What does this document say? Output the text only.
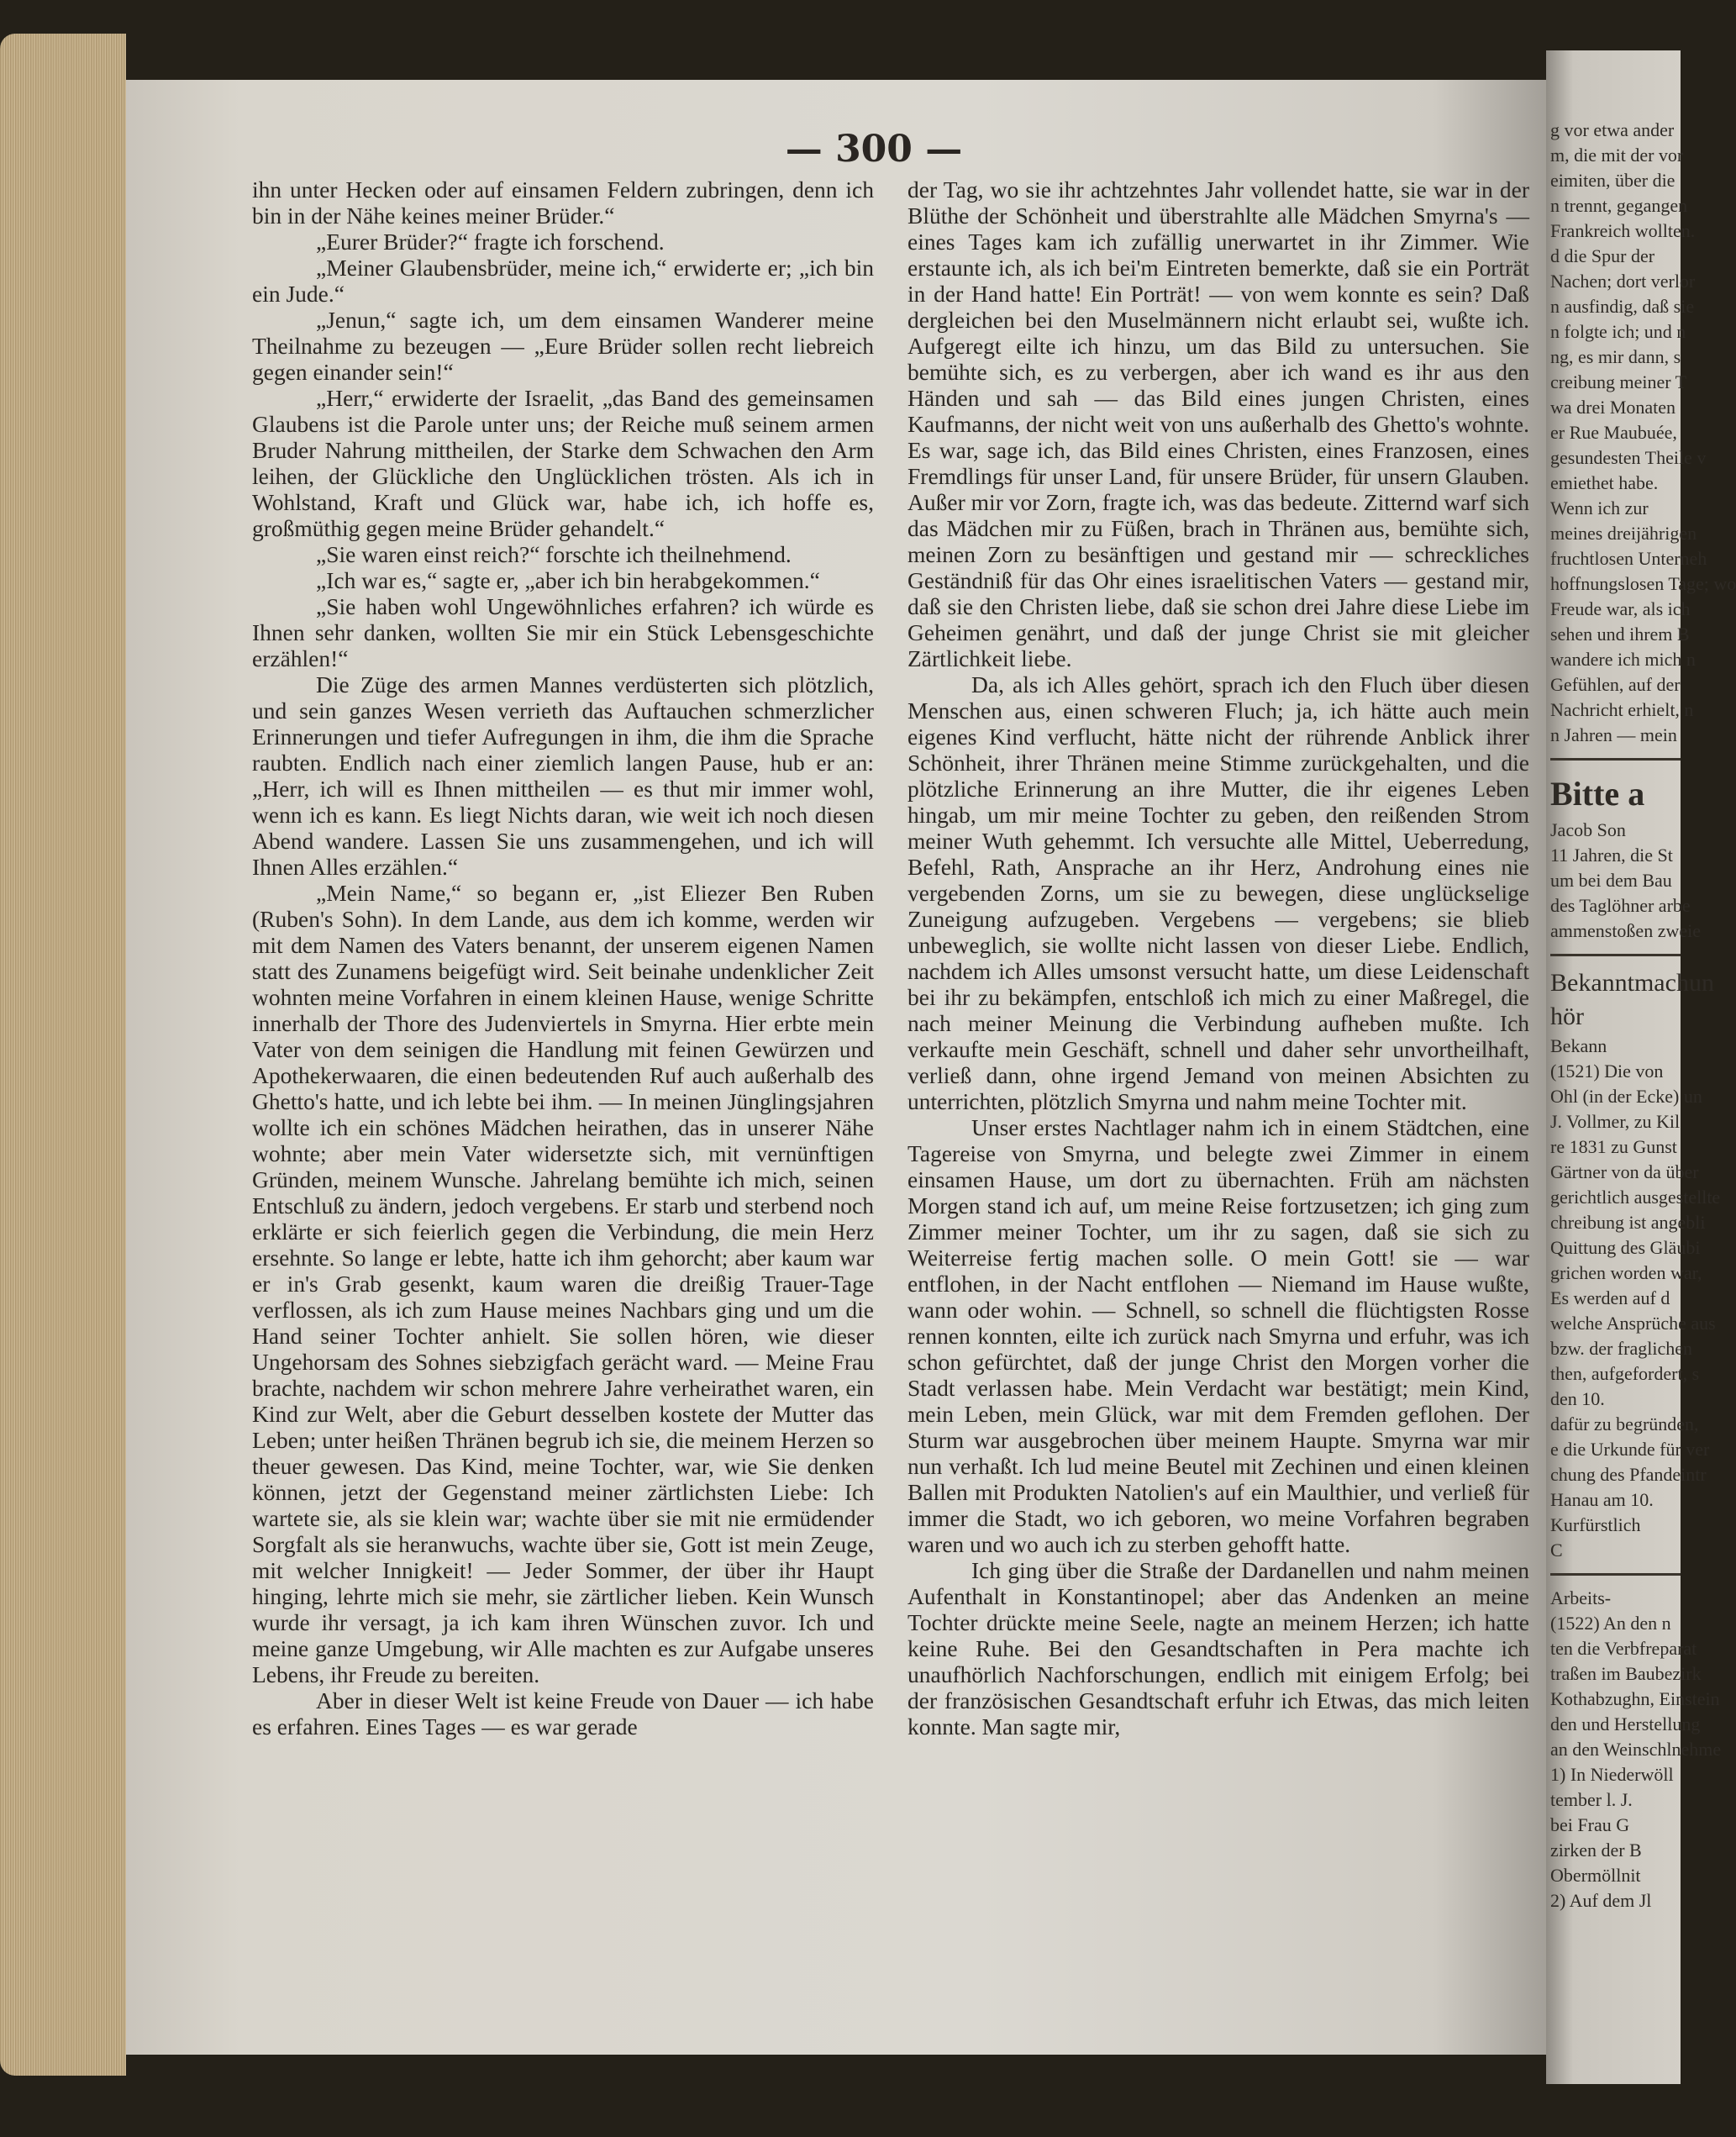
— 300 —

ihn unter Hecken oder auf einsamen Feldern zubringen, denn ich bin in der Nähe keines meiner Brüder.“

„Eurer Brüder?“ fragte ich forschend.

„Meiner Glaubensbrüder, meine ich,“ erwiderte er; „ich bin ein Jude.“

„Jenun,“ sagte ich, um dem einsamen Wanderer meine Theilnahme zu bezeugen — „Eure Brüder sollen recht liebreich gegen einander sein!“

„Herr,“ erwiderte der Israelit, „das Band des gemeinsamen Glaubens ist die Parole unter uns; der Reiche muß seinem armen Bruder Nahrung mittheilen, der Starke dem Schwachen den Arm leihen, der Glückliche den Unglücklichen trösten. Als ich in Wohlstand, Kraft und Glück war, habe ich, ich hoffe es, großmüthig gegen meine Brüder gehandelt.“

„Sie waren einst reich?“ forschte ich theilnehmend.

„Ich war es,“ sagte er, „aber ich bin herabgekommen.“

„Sie haben wohl Ungewöhnliches erfahren? ich würde es Ihnen sehr danken, wollten Sie mir ein Stück Lebensgeschichte erzählen!“

Die Züge des armen Mannes verdüsterten sich plötzlich, und sein ganzes Wesen verrieth das Auftauchen schmerzlicher Erinnerungen und tiefer Aufregungen in ihm, die ihm die Sprache raubten. Endlich nach einer ziemlich langen Pause, hub er an: „Herr, ich will es Ihnen mittheilen — es thut mir immer wohl, wenn ich es kann. Es liegt Nichts daran, wie weit ich noch diesen Abend wandere. Lassen Sie uns zusammengehen, und ich will Ihnen Alles erzählen.“

„Mein Name,“ so begann er, „ist Eliezer Ben Ruben (Ruben's Sohn). In dem Lande, aus dem ich komme, werden wir mit dem Namen des Vaters benannt, der unserem eigenen Namen statt des Zunamens beigefügt wird. Seit beinahe undenklicher Zeit wohnten meine Vorfahren in einem kleinen Hause, wenige Schritte innerhalb der Thore des Judenviertels in Smyrna. Hier erbte mein Vater von dem seinigen die Handlung mit feinen Gewürzen und Apothekerwaaren, die einen bedeutenden Ruf auch außerhalb des Ghetto's hatte, und ich lebte bei ihm. — In meinen Jünglingsjahren wollte ich ein schönes Mädchen heirathen, das in unserer Nähe wohnte; aber mein Vater widersetzte sich, mit vernünftigen Gründen, meinem Wunsche. Jahrelang bemühte ich mich, seinen Entschluß zu ändern, jedoch vergebens. Er starb und sterbend noch erklärte er sich feierlich gegen die Verbindung, die mein Herz ersehnte. So lange er lebte, hatte ich ihm gehorcht; aber kaum war er in's Grab gesenkt, kaum waren die dreißig Trauer-Tage verflossen, als ich zum Hause meines Nachbars ging und um die Hand seiner Tochter anhielt. Sie sollen hören, wie dieser Ungehorsam des Sohnes siebzigfach gerächt ward. — Meine Frau brachte, nachdem wir schon mehrere Jahre verheirathet waren, ein Kind zur Welt, aber die Geburt desselben kostete der Mutter das Leben; unter heißen Thränen begrub ich sie, die meinem Herzen so theuer gewesen. Das Kind, meine Tochter, war, wie Sie denken können, jetzt der Gegenstand meiner zärtlichsten Liebe: Ich wartete sie, als sie klein war; wachte über sie mit nie ermüdender Sorgfalt als sie heranwuchs, wachte über sie, Gott ist mein Zeuge, mit welcher Innigkeit! — Jeder Sommer, der über ihr Haupt hinging, lehrte mich sie mehr, sie zärtlicher lieben. Kein Wunsch wurde ihr versagt, ja ich kam ihren Wünschen zuvor. Ich und meine ganze Umgebung, wir Alle machten es zur Aufgabe unseres Lebens, ihr Freude zu bereiten.

Aber in dieser Welt ist keine Freude von Dauer — ich habe es erfahren. Eines Tages — es war gerade

der Tag, wo sie ihr achtzehntes Jahr vollendet hatte, sie war in der Blüthe der Schönheit und überstrahlte alle Mädchen Smyrna's — eines Tages kam ich zufällig unerwartet in ihr Zimmer. Wie erstaunte ich, als ich bei'm Eintreten bemerkte, daß sie ein Porträt in der Hand hatte! Ein Porträt! — von wem konnte es sein? Daß dergleichen bei den Muselmännern nicht erlaubt sei, wußte ich. Aufgeregt eilte ich hinzu, um das Bild zu untersuchen. Sie bemühte sich, es zu verbergen, aber ich wand es ihr aus den Händen und sah — das Bild eines jungen Christen, eines Kaufmanns, der nicht weit von uns außerhalb des Ghetto's wohnte. Es war, sage ich, das Bild eines Christen, eines Franzosen, eines Fremdlings für unser Land, für unsere Brüder, für unsern Glauben. Außer mir vor Zorn, fragte ich, was das bedeute. Zitternd warf sich das Mädchen mir zu Füßen, brach in Thränen aus, bemühte sich, meinen Zorn zu besänftigen und gestand mir — schreckliches Geständniß für das Ohr eines israelitischen Vaters — gestand mir, daß sie den Christen liebe, daß sie schon drei Jahre diese Liebe im Geheimen genährt, und daß der junge Christ sie mit gleicher Zärtlichkeit liebe.

Da, als ich Alles gehört, sprach ich den Fluch über diesen Menschen aus, einen schweren Fluch; ja, ich hätte auch mein eigenes Kind verflucht, hätte nicht der rührende Anblick ihrer Schönheit, ihrer Thränen meine Stimme zurückgehalten, und die plötzliche Erinnerung an ihre Mutter, die ihr eigenes Leben hingab, um mir meine Tochter zu geben, den reißenden Strom meiner Wuth gehemmt. Ich versuchte alle Mittel, Ueberredung, Befehl, Rath, Ansprache an ihr Herz, Androhung eines nie vergebenden Zorns, um sie zu bewegen, diese unglückselige Zuneigung aufzugeben. Vergebens — vergebens; sie blieb unbeweglich, sie wollte nicht lassen von dieser Liebe. Endlich, nachdem ich Alles umsonst versucht hatte, um diese Leidenschaft bei ihr zu bekämpfen, entschloß ich mich zu einer Maßregel, die nach meiner Meinung die Verbindung aufheben mußte. Ich verkaufte mein Geschäft, schnell und daher sehr unvortheilhaft, verließ dann, ohne irgend Jemand von meinen Absichten zu unterrichten, plötzlich Smyrna und nahm meine Tochter mit.

Unser erstes Nachtlager nahm ich in einem Städtchen, eine Tagereise von Smyrna, und belegte zwei Zimmer in einem einsamen Hause, um dort zu übernachten. Früh am nächsten Morgen stand ich auf, um meine Reise fortzusetzen; ich ging zum Zimmer meiner Tochter, um ihr zu sagen, daß sie sich zu Weiterreise fertig machen solle. O mein Gott! sie — war entflohen, in der Nacht entflohen — Niemand im Hause wußte, wann oder wohin. — Schnell, so schnell die flüchtigsten Rosse rennen konnten, eilte ich zurück nach Smyrna und erfuhr, was ich schon gefürchtet, daß der junge Christ den Morgen vorher die Stadt verlassen habe. Mein Verdacht war bestätigt; mein Kind, mein Leben, mein Glück, war mit dem Fremden geflohen. Der Sturm war ausgebrochen über meinem Haupte. Smyrna war mir nun verhaßt. Ich lud meine Beutel mit Zechinen und einen kleinen Ballen mit Produkten Natolien's auf ein Maulthier, und verließ für immer die Stadt, wo ich geboren, wo meine Vorfahren begraben waren und wo auch ich zu sterben gehofft hatte.

Ich ging über die Straße der Dardanellen und nahm meinen Aufenthalt in Konstantinopel; aber das Andenken an meine Tochter drückte meine Seele, nagte an meinem Herzen; ich hatte keine Ruhe. Bei den Gesandtschaften in Pera machte ich unaufhörlich Nachforschungen, endlich mit einigem Erfolg; bei der französischen Gesandtschaft erfuhr ich Etwas, das mich leiten konnte. Man sagte mir,

g vor etwa ander
m, die mit der vor
eimiten, über die
n trennt, gegangen
Frankreich wollten.
d die Spur der
Nachen; dort verlor
n ausfindig, daß sie
n folgte ich; und n
ng, es mir dann, s
creibung meiner T
wa drei Monaten
er Rue Maubuée,
gesundesten Theile v
emiethet habe.
Wenn ich zur
meines dreijährigen
fruchtlosen Unterneh
hoffnungslosen Tage; wo
Freude war, als ich
sehen und ihrem B
wandere ich mich n
Gefühlen, auf der
Nachricht erhielt, n
n Jahren — mein
Bitte a
Jacob Son
11 Jahren, die St
um bei dem Bau
des Taglöhner arbe
ammenstoßen zweie
Bekanntmachun
hör
Bekann
(1521) Die von
Ohl (in der Ecke) un
J. Vollmer, zu Kil
re 1831 zu Gunst
Gärtner von da über
gerichtlich ausgestellte
chreibung ist angebli
Quittung des Gläubi
grichen worden war,
Es werden auf d
welche Ansprüche aus
bzw. der fraglichen
then, aufgefordert, s
den 10.
dafür zu begründen,
e die Urkunde für ver
chung des Pfandeintr
Hanau am 10.
Kurfürstlich
C
Arbeits-
(1522) An den n
ten die Verbfreparat
traßen im Baubezirk
Kothabzughn, Einstein
den und Herstellung
an den Weinschlnehme
1) In Niederwöll
tember l. J.
bei Frau G
zirken der B
Obermöllnit
2) Auf dem Jl
